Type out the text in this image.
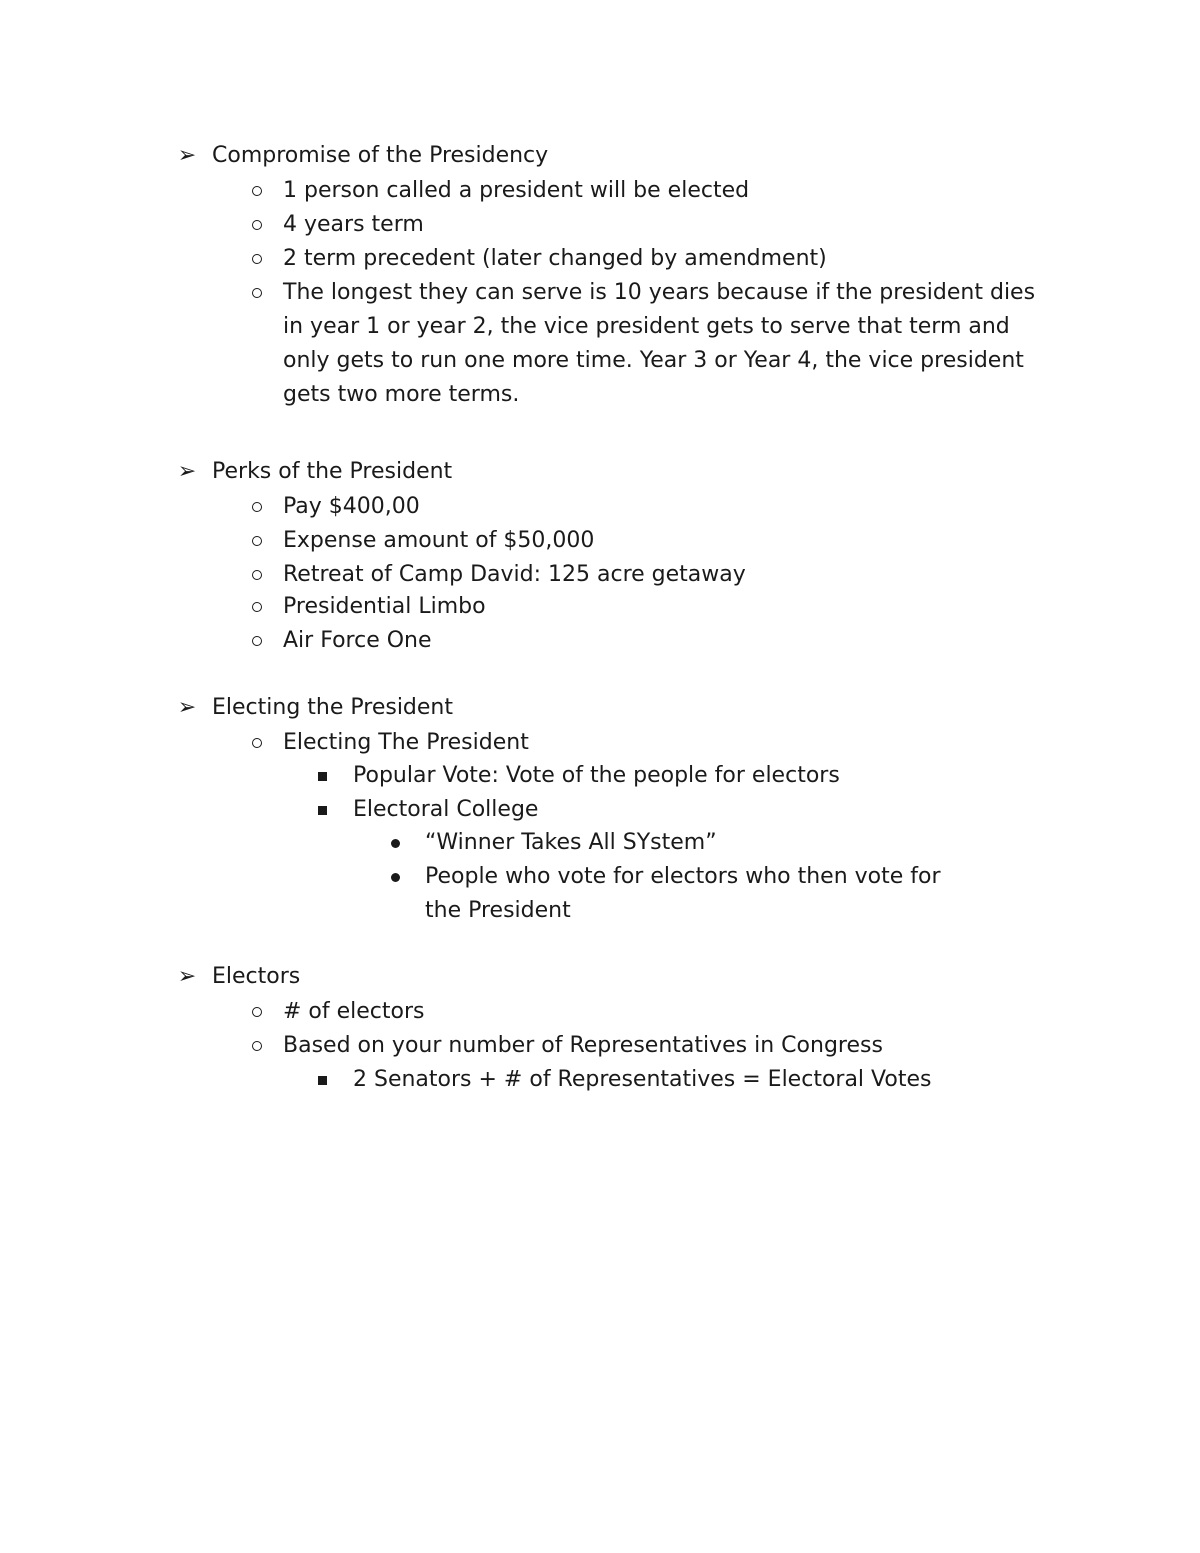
➢ Compromise of the Presidency
1 person called a president will be elected
4 years term
2 term precedent (later changed by amendment)
The longest they can serve is 10 years because if the president dies in year 1 or year 2, the vice president gets to serve that term and only gets to run one more time. Year 3 or Year 4, the vice president gets two more terms.
➢ Perks of the President
Pay $400,00
Expense amount of $50,000
Retreat of Camp David: 125 acre getaway
Presidential Limbo
Air Force One
➢ Electing the President
Electing The President
Popular Vote: Vote of the people for electors
Electoral College
“Winner Takes All SYstem”
People who vote for electors who then vote for the President
➢ Electors
# of electors
Based on your number of Representatives in Congress
2 Senators + # of Representatives = Electoral Votes
